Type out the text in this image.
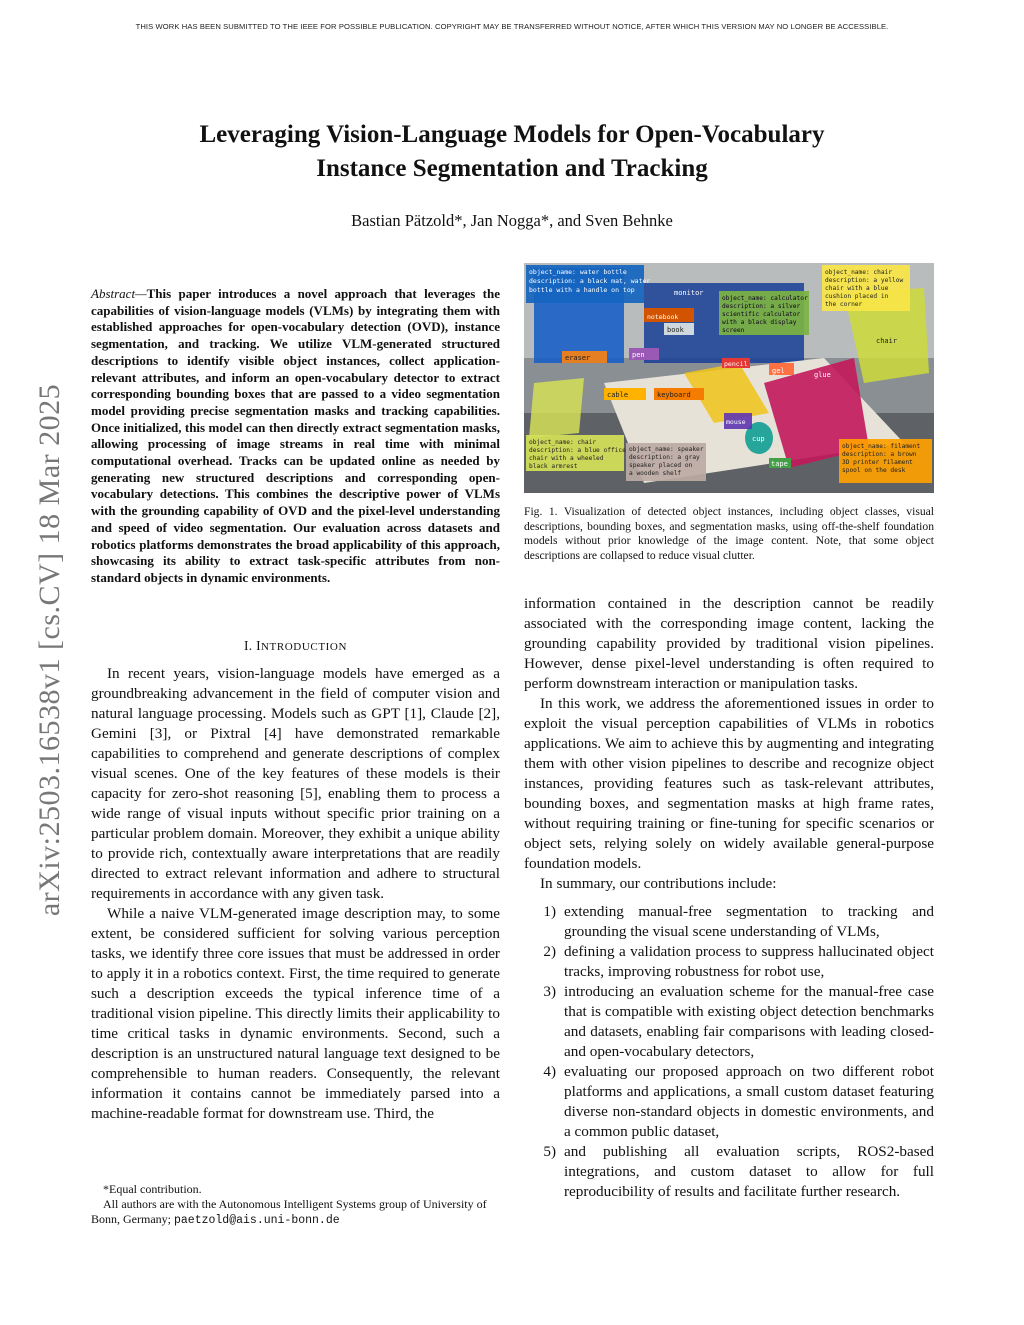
THIS WORK HAS BEEN SUBMITTED TO THE IEEE FOR POSSIBLE PUBLICATION. COPYRIGHT MAY BE TRANSFERRED WITHOUT NOTICE, AFTER WHICH THIS VERSION MAY NO LONGER BE ACCESSIBLE.
arXiv:2503.16538v1 [cs.CV] 18 Mar 2025
Leveraging Vision-Language Models for Open-Vocabulary
Instance Segmentation and Tracking
Bastian Pätzold*, Jan Nogga*, and Sven Behnke
Abstract—This paper introduces a novel approach that leverages the capabilities of vision-language models (VLMs) by integrating them with established approaches for open-vocabulary detection (OVD), instance segmentation, and tracking. We utilize VLM-generated structured descriptions to identify visible object instances, collect application-relevant attributes, and inform an open-vocabulary detector to extract corresponding bounding boxes that are passed to a video segmentation model providing precise segmentation masks and tracking capabilities. Once initialized, this model can then directly extract segmentation masks, allowing processing of image streams in real time with minimal computational overhead. Tracks can be updated online as needed by generating new structured descriptions and corresponding open-vocabulary detections. This combines the descriptive power of VLMs with the grounding capability of OVD and the pixel-level understanding and speed of video segmentation. Our evaluation across datasets and robotics platforms demonstrates the broad applicability of this approach, showcasing its ability to extract task-specific attributes from non-standard objects in dynamic environments.
I. INTRODUCTION

In recent years, vision-language models have emerged as a groundbreaking advancement in the field of computer vision and natural language processing. Models such as GPT [1], Claude [2], Gemini [3], or Pixtral [4] have demonstrated remarkable capabilities to comprehend and generate descriptions of complex visual scenes. One of the key features of these models is their capacity for zero-shot reasoning [5], enabling them to process a wide range of visual inputs without specific prior training on a particular problem domain. Moreover, they exhibit a unique ability to provide rich, contextually aware interpretations that are readily directed to extract relevant information and adhere to structural requirements in accordance with any given task.

While a naive VLM-generated image description may, to some extent, be considered sufficient for solving various perception tasks, we identify three core issues that must be addressed in order to apply it in a robotics context. First, the time required to generate such a description exceeds the typical inference time of a traditional vision pipeline. This directly limits their applicability to time critical tasks in dynamic environments. Second, such a description is an unstructured natural language text designed to be comprehensible to human readers. Consequently, the relevant information it contains cannot be immediately parsed into a machine-readable format for downstream use. Third, the

*Equal contribution.
All authors are with the Autonomous Intelligent Systems group of University of Bonn, Germany; paetzold@ais.uni-bonn.de
object_name: water bottle
description: a black mat, water
bottle with a handle on top
object_name: calculator
description: a silver
scientific calculator
with a black display
screen
object_name: chair
description: a yellow
chair with a blue
cushion placed in
the corner
object_name: chair
description: a blue office
chair with a wheeled
black armrest
object_name: speaker
description: a gray
speaker placed on
a wooden shelf
object_name: filament
description: a brown
3D printer filament
spool on the desk
monitor
book
eraser
pencil
pen
gel
notebook
cable	keyboard
mouse
cup
chair
glue
tape
Fig. 1. Visualization of detected object instances, including object classes, visual descriptions, bounding boxes, and segmentation masks, using off-the-shelf foundation models without prior knowledge of the image content. Note, that some object descriptions are collapsed to reduce visual clutter.

information contained in the description cannot be readily associated with the corresponding image content, lacking the grounding capability provided by traditional vision pipelines. However, dense pixel-level understanding is often required to perform downstream interaction or manipulation tasks.

In this work, we address the aforementioned issues in order to exploit the visual perception capabilities of VLMs in robotics applications. We aim to achieve this by augmenting and integrating them with other vision pipelines to describe and recognize object instances, providing features such as task-relevant attributes, bounding boxes, and segmentation masks at high frame rates, without requiring training or fine-tuning for specific scenarios or object sets, relying solely on widely available general-purpose foundation models.

In summary, our contributions include:

1) extending manual-free segmentation to tracking and grounding the visual scene understanding of VLMs,
2) defining a validation process to suppress hallucinated object tracks, improving robustness for robot use,
3) introducing an evaluation scheme for the manual-free case that is compatible with existing object detection benchmarks and datasets, enabling fair comparisons with leading closed- and open-vocabulary detectors,
4) evaluating our proposed approach on two different robot platforms and applications, a small custom dataset featuring diverse non-standard objects in domestic environments, and a common public dataset,
5) and publishing all evaluation scripts, ROS2-based integrations, and custom dataset to allow for full reproducibility of results and facilitate further research.
